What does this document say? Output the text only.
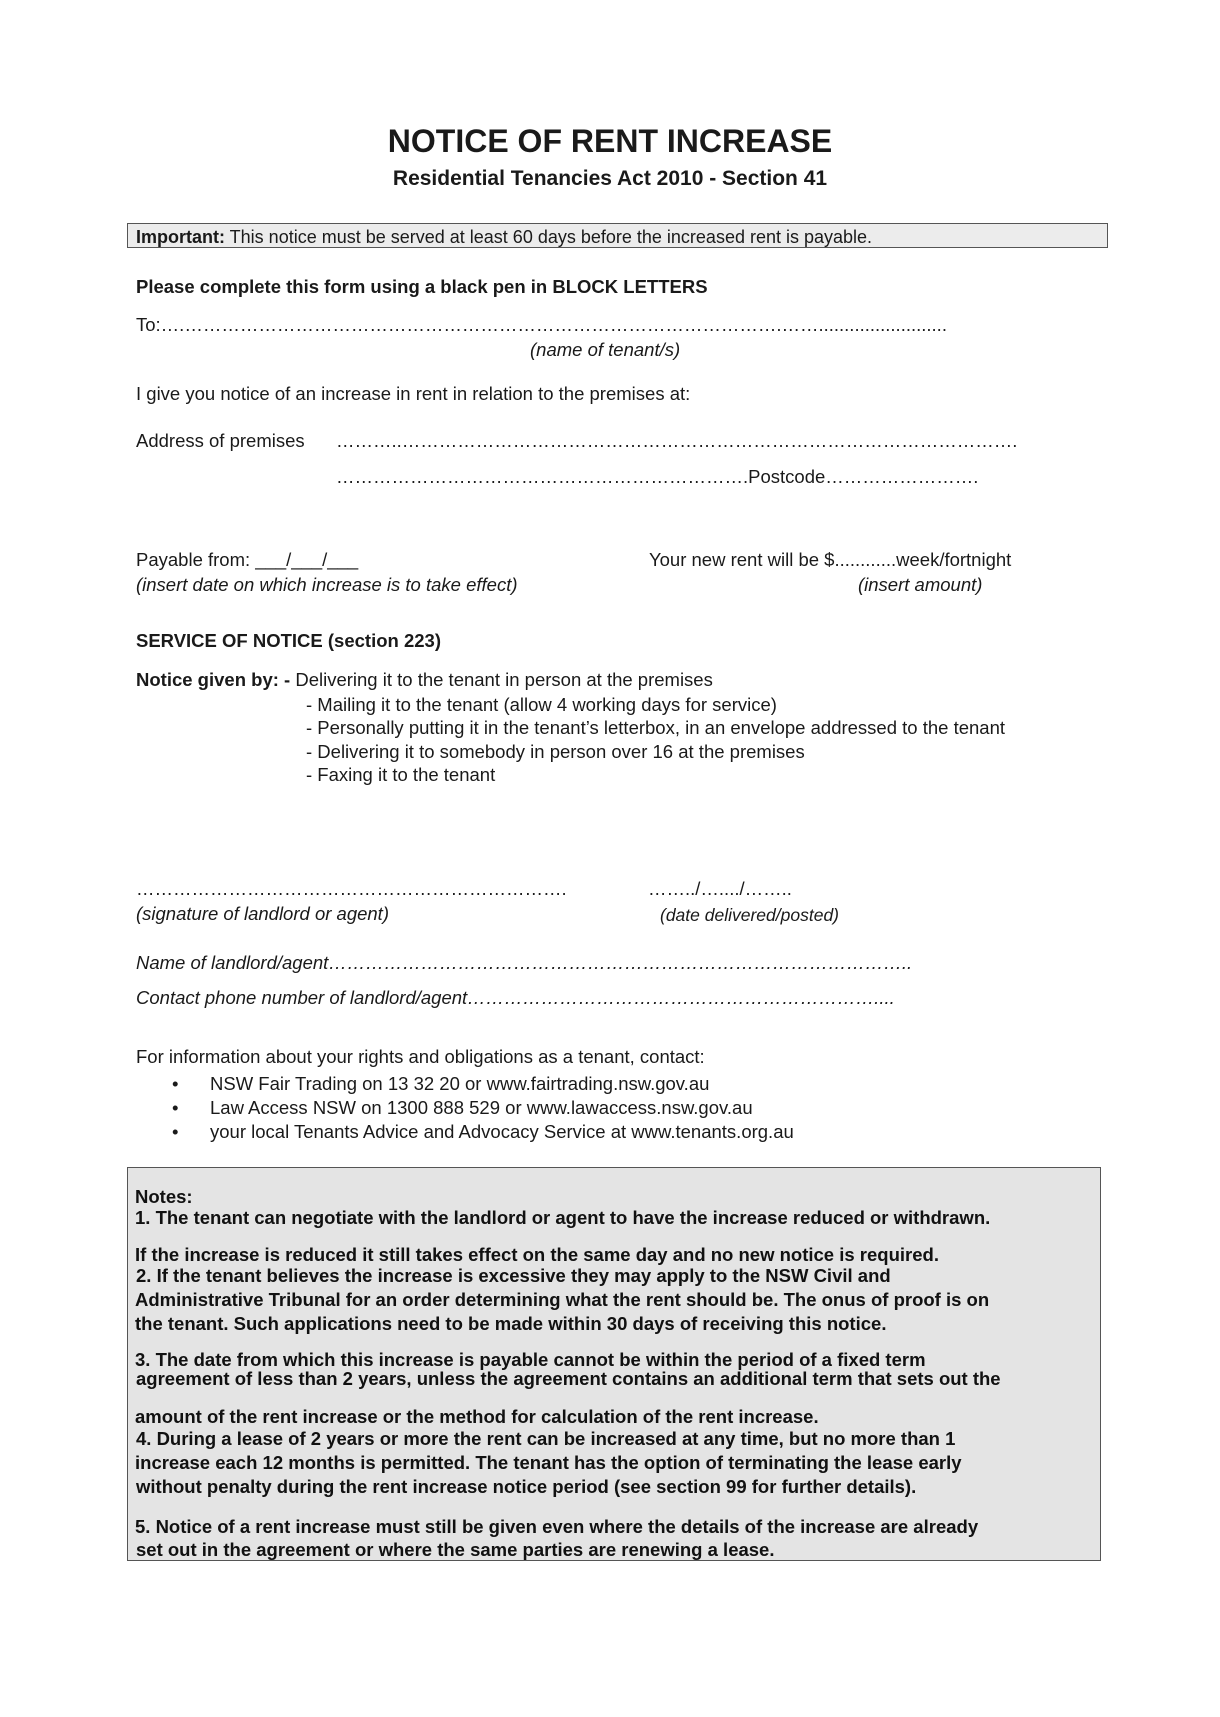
NOTICE OF RENT INCREASE
Residential Tenancies Act 2010 - Section 41
Important: This notice must be served at least 60 days before the increased rent is payable.
Please complete this form using a black pen in BLOCK LETTERS
To:….…………………………………………………………………………………….…….........................
(name of tenant/s)
I give you notice of an increase in rent in relation to the premises at:
Address of premises ………..……………………………………………………………………………………….
………………………………………………………….Postcode…………………….
Payable from: ___/___/___
(insert date on which increase is to take effect)
Your new rent will be $............week/fortnight
(insert amount)
SERVICE OF NOTICE (section 223)
Notice given by: - Delivering it to the tenant in person at the premises
- Mailing it to the tenant (allow 4 working days for service)
- Personally putting it in the tenant’s letterbox, in an envelope addressed to the tenant
- Delivering it to somebody in person over 16 at the premises
- Faxing it to the tenant
…………………………………………………………….
(signature of landlord or agent)
……../…..../……..
(date delivered/posted)
Name of landlord/agent…………………………………………………………………………………..
Contact phone number of landlord/agent…………………………………………………………....
For information about your rights and obligations as a tenant, contact:
• NSW Fair Trading on 13 32 20 or www.fairtrading.nsw.gov.au
• Law Access NSW on 1300 888 529 or www.lawaccess.nsw.gov.au
• your local Tenants Advice and Advocacy Service at www.tenants.org.au
Notes:
1. The tenant can negotiate with the landlord or agent to have the increase reduced or withdrawn.
If the increase is reduced it still takes effect on the same day and no new notice is required.
2. If the tenant believes the increase is excessive they may apply to the NSW Civil and
Administrative Tribunal for an order determining what the rent should be. The onus of proof is on
the tenant. Such applications need to be made within 30 days of receiving this notice.
3. The date from which this increase is payable cannot be within the period of a fixed term
agreement of less than 2 years, unless the agreement contains an additional term that sets out the
amount of the rent increase or the method for calculation of the rent increase.
4. During a lease of 2 years or more the rent can be increased at any time, but no more than 1
increase each 12 months is permitted. The tenant has the option of terminating the lease early
without penalty during the rent increase notice period (see section 99 for further details).
5. Notice of a rent increase must still be given even where the details of the increase are already
set out in the agreement or where the same parties are renewing a lease.
